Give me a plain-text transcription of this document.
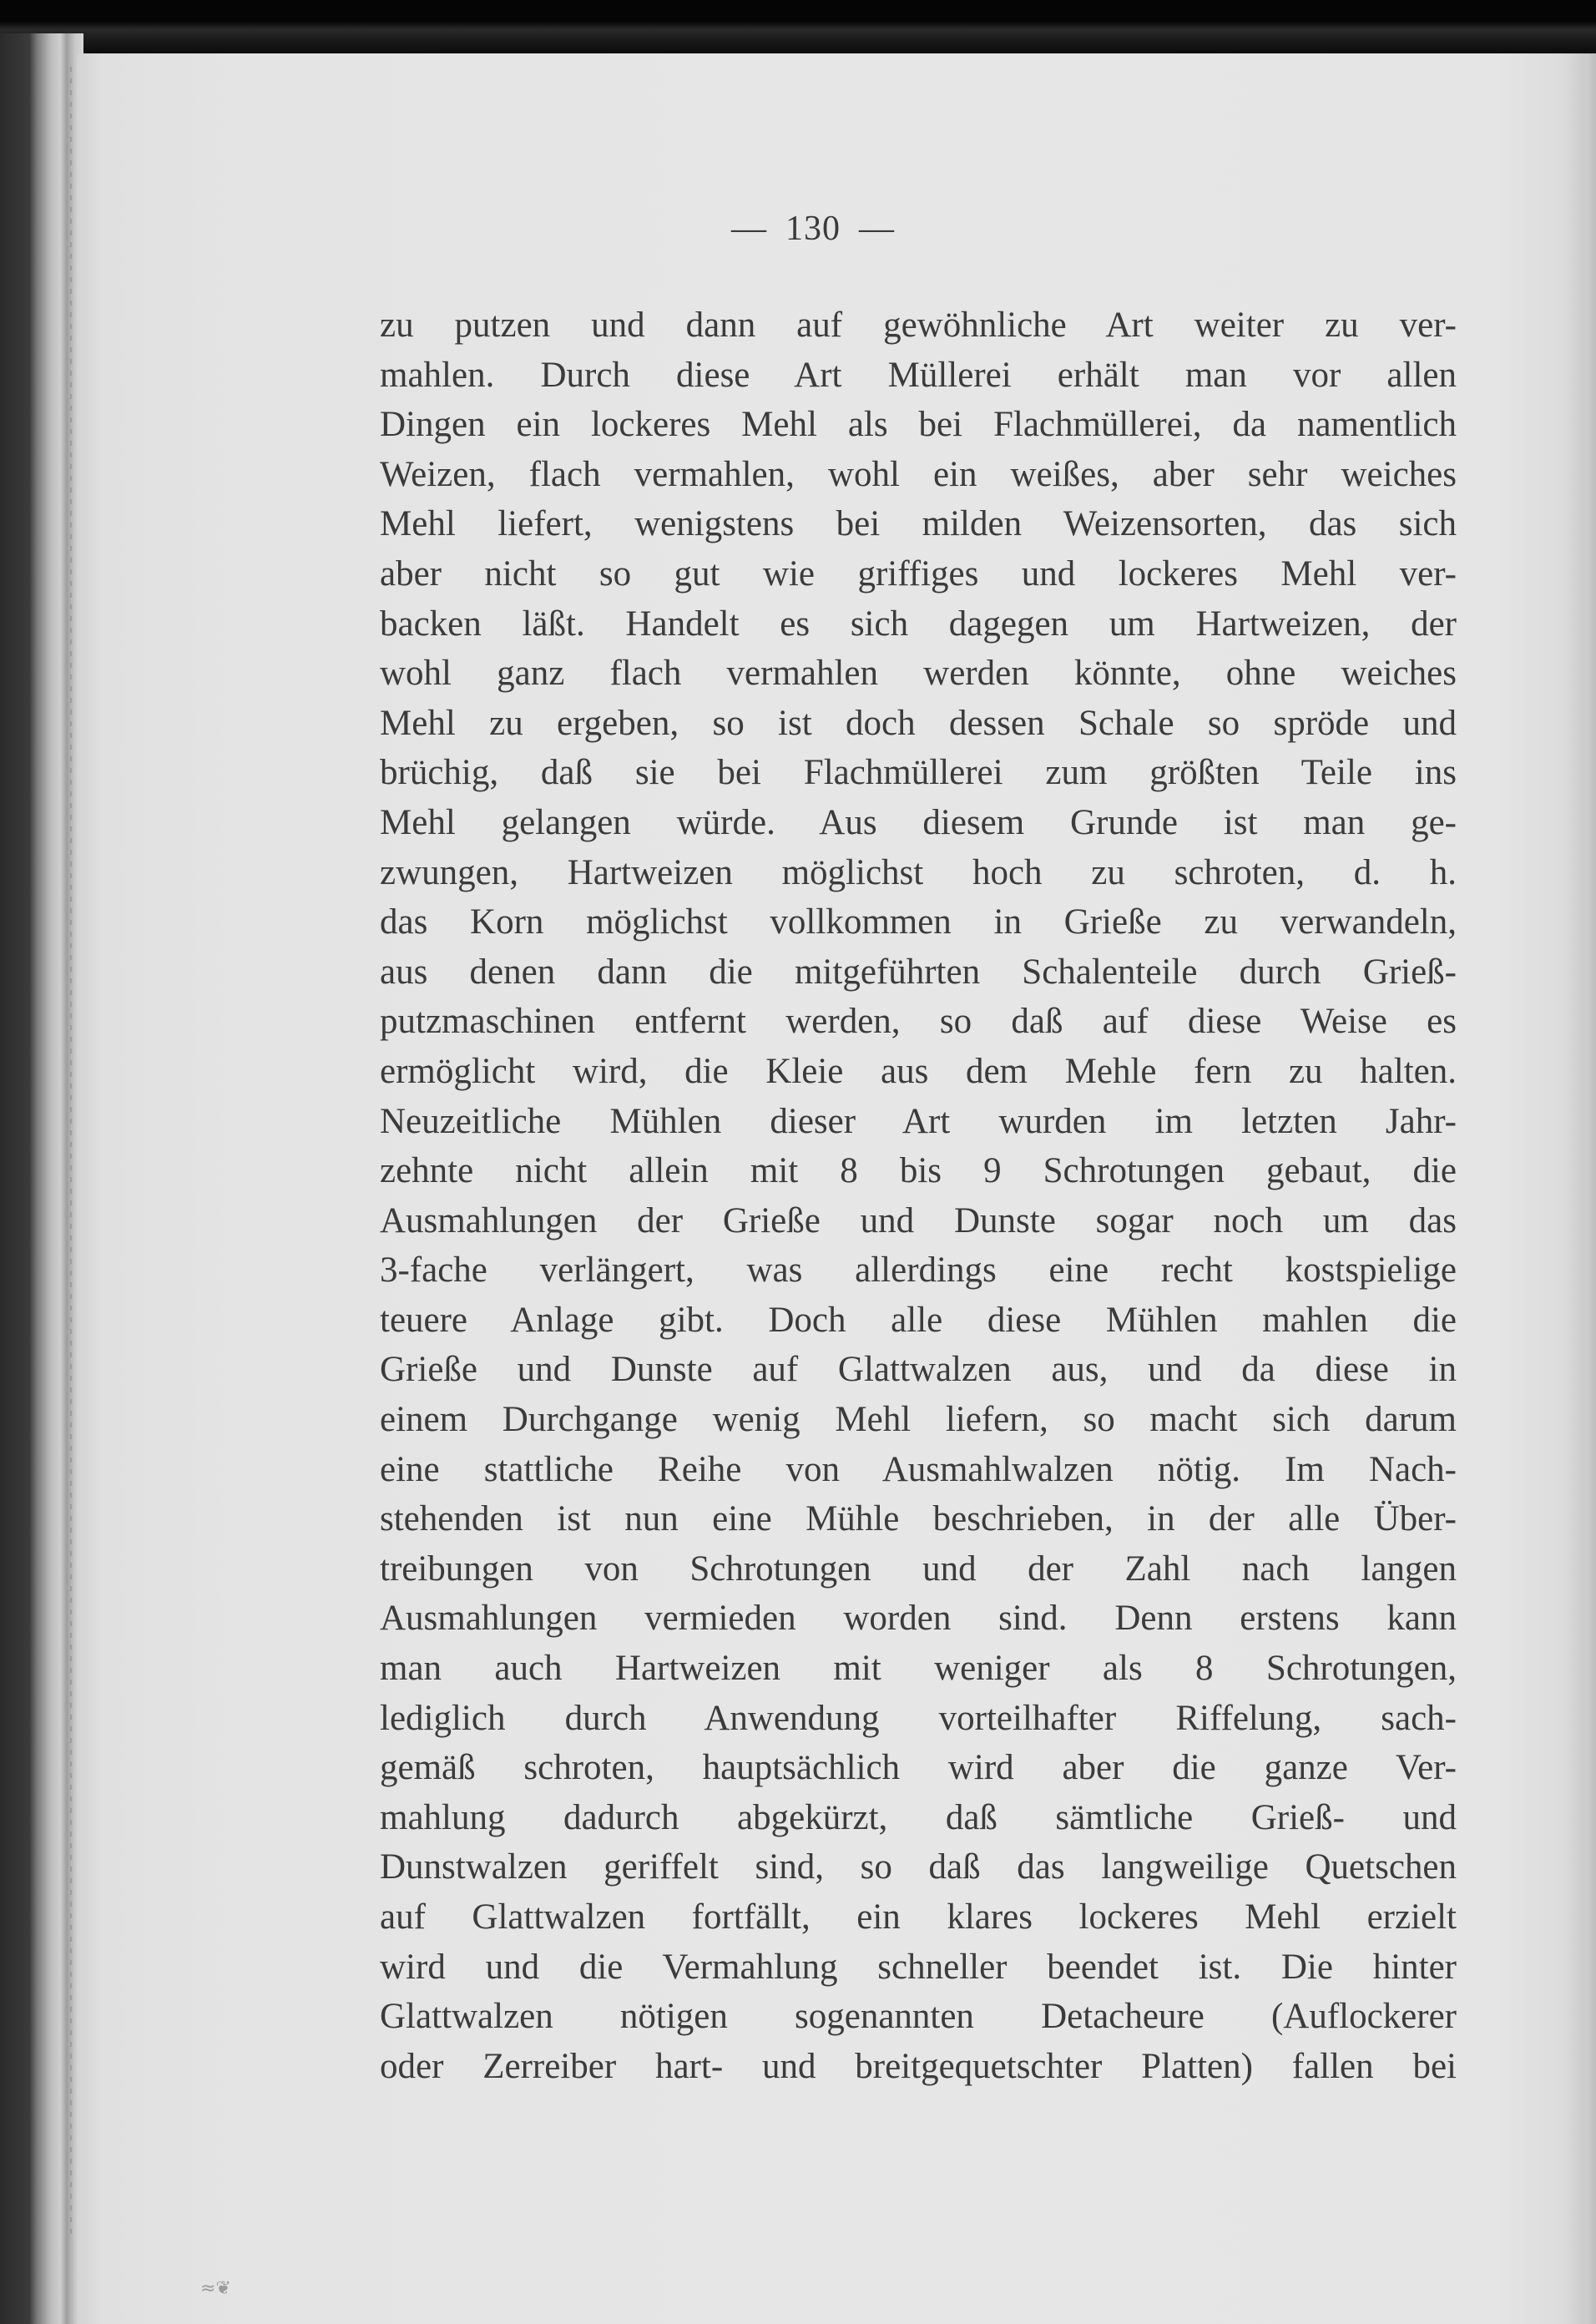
— 130 —
zu putzen und dann auf gewöhnliche Art weiter zu ver-
mahlen. Durch diese Art Müllerei erhält man vor allen
Dingen ein lockeres Mehl als bei Flachmüllerei, da namentlich
Weizen, flach vermahlen, wohl ein weißes, aber sehr weiches
Mehl liefert, wenigstens bei milden Weizensorten, das sich
aber nicht so gut wie griffiges und lockeres Mehl ver-
backen läßt. Handelt es sich dagegen um Hartweizen, der
wohl ganz flach vermahlen werden könnte, ohne weiches
Mehl zu ergeben, so ist doch dessen Schale so spröde und
brüchig, daß sie bei Flachmüllerei zum größten Teile ins
Mehl gelangen würde. Aus diesem Grunde ist man ge-
zwungen, Hartweizen möglichst hoch zu schroten, d. h.
das Korn möglichst vollkommen in Grieße zu verwandeln,
aus denen dann die mitgeführten Schalenteile durch Grieß-
putzmaschinen entfernt werden, so daß auf diese Weise es
ermöglicht wird, die Kleie aus dem Mehle fern zu halten.
Neuzeitliche Mühlen dieser Art wurden im letzten Jahr-
zehnte nicht allein mit 8 bis 9 Schrotungen gebaut, die
Ausmahlungen der Grieße und Dunste sogar noch um das
3-fache verlängert, was allerdings eine recht kostspielige
teuere Anlage gibt. Doch alle diese Mühlen mahlen die
Grieße und Dunste auf Glattwalzen aus, und da diese in
einem Durchgange wenig Mehl liefern, so macht sich darum
eine stattliche Reihe von Ausmahlwalzen nötig. Im Nach-
stehenden ist nun eine Mühle beschrieben, in der alle Über-
treibungen von Schrotungen und der Zahl nach langen
Ausmahlungen vermieden worden sind. Denn erstens kann
man auch Hartweizen mit weniger als 8 Schrotungen,
lediglich durch Anwendung vorteilhafter Riffelung, sach-
gemäß schroten, hauptsächlich wird aber die ganze Ver-
mahlung dadurch abgekürzt, daß sämtliche Grieß- und
Dunstwalzen geriffelt sind, so daß das langweilige Quetschen
auf Glattwalzen fortfällt, ein klares lockeres Mehl erzielt
wird und die Vermahlung schneller beendet ist. Die hinter
Glattwalzen nötigen sogenannten Detacheure (Auflockerer
oder Zerreiber hart- und breitgequetschter Platten) fallen bei
≈❦
